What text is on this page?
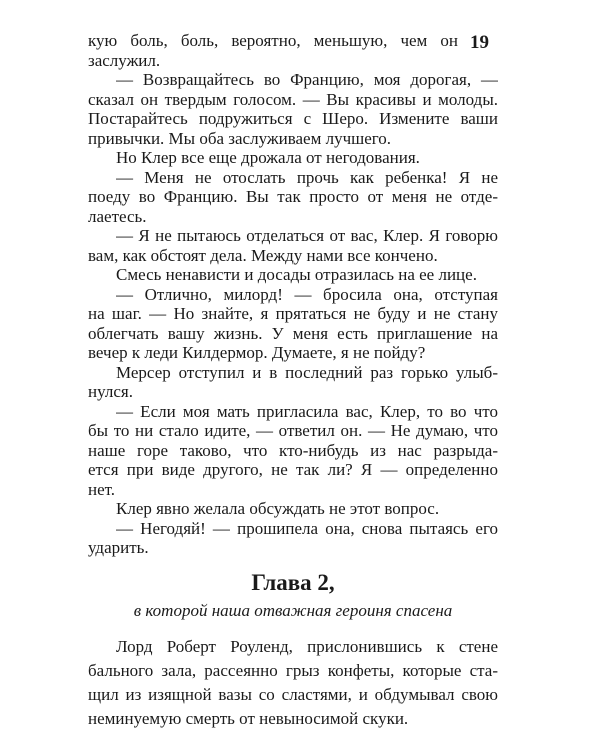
19
кую боль, боль, вероятно, меньшую, чем он
заслужил.
— Возвращайтесь во Францию, моя дорогая, —
сказал он твердым голосом. — Вы красивы и молоды.
Постарайтесь подружиться с Шеро. Измените ваши
привычки. Мы оба заслуживаем лучшего.
Но Клер все еще дрожала от негодования.
— Меня не отослать прочь как ребенка! Я не
поеду во Францию. Вы так просто от меня не отде-
лаетесь.
— Я не пытаюсь отделаться от вас, Клер. Я говорю
вам, как обстоят дела. Между нами все кончено.
Смесь ненависти и досады отразилась на ее лице.
— Отлично, милорд! — бросила она, отступая
на шаг. — Но знайте, я прятаться не буду и не стану
облегчать вашу жизнь. У меня есть приглашение на
вечер к леди Килдермор. Думаете, я не пойду?
Мерсер отступил и в последний раз горько улыб-
нулся.
— Если моя мать пригласила вас, Клер, то во что
бы то ни стало идите, — ответил он. — Не думаю, что
наше горе таково, что кто-нибудь из нас разрыда-
ется при виде другого, не так ли? Я — определенно
нет.
Клер явно желала обсуждать не этот вопрос.
— Негодяй! — прошипела она, снова пытаясь его
ударить.
Глава 2,
в которой наша отважная героиня спасена
Лорд Роберт Роуленд, прислонившись к стене
бального зала, рассеянно грыз конфеты, которые ста-
щил из изящной вазы со сластями, и обдумывал свою
неминуемую смерть от невыносимой скуки.
